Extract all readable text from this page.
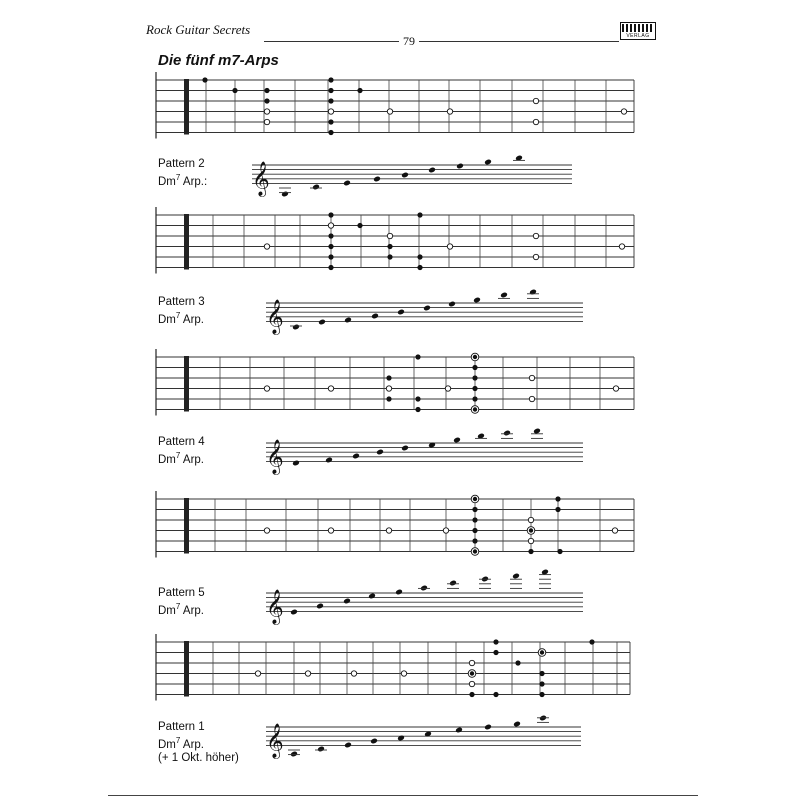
Rock Guitar Secrets
79	VERLAG
Die fünf m7-Arps
Pattern 2
Dm$^7$ Arp.:
Pattern 3
Dm$^7$ Arp.
Pattern 4
Dm$^7$ Arp.
Pattern 5
Dm$^7$ Arp.
Pattern 1
Dm$^7$ Arp.
(+ 1 Okt. höher)
𝄞
𝄞
𝄞
𝄞
𝄞
